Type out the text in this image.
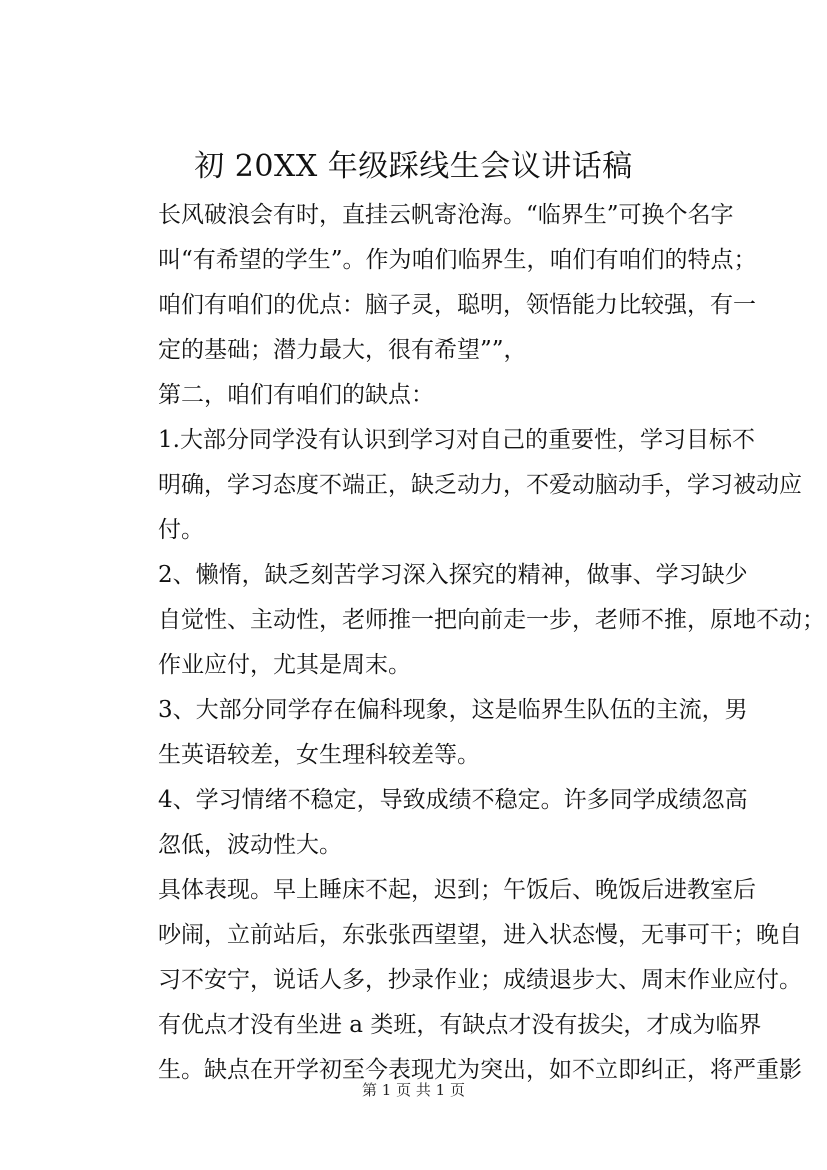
初 20XX 年级踩线生会议讲话稿

长风破浪会有时，直挂云帆寄沧海。“临界生”可换个名字
叫“有希望的学生”。作为咱们临界生，咱们有咱们的特点；

咱们有咱们的优点：脑子灵，聪明，领悟能力比较强，有一
定的基础；潜力最大，很有希望””，

第二，咱们有咱们的缺点：

1.大部分同学没有认识到学习对自己的重要性，学习目标不
明确，学习态度不端正，缺乏动力，不爱动脑动手，学习被动应
付。

2、懒惰，缺乏刻苦学习深入探究的精神，做事、学习缺少
自觉性、主动性，老师推一把向前走一步，老师不推，原地不动；
作业应付，尤其是周末。

3、大部分同学存在偏科现象，这是临界生队伍的主流，男
生英语较差，女生理科较差等。

4、学习情绪不稳定，导致成绩不稳定。许多同学成绩忽高
忽低，波动性大。

具体表现。早上睡床不起，迟到；午饭后、晚饭后进教室后
吵闹，立前站后，东张张西望望，进入状态慢，无事可干；晚自
习不安宁，说话人多，抄录作业；成绩退步大、周末作业应付。

有优点才没有坐进 a 类班，有缺点才没有拔尖，才成为临界
生。缺点在开学初至今表现尤为突出，如不立即纠正，将严重影

第 1 页 共 1 页
